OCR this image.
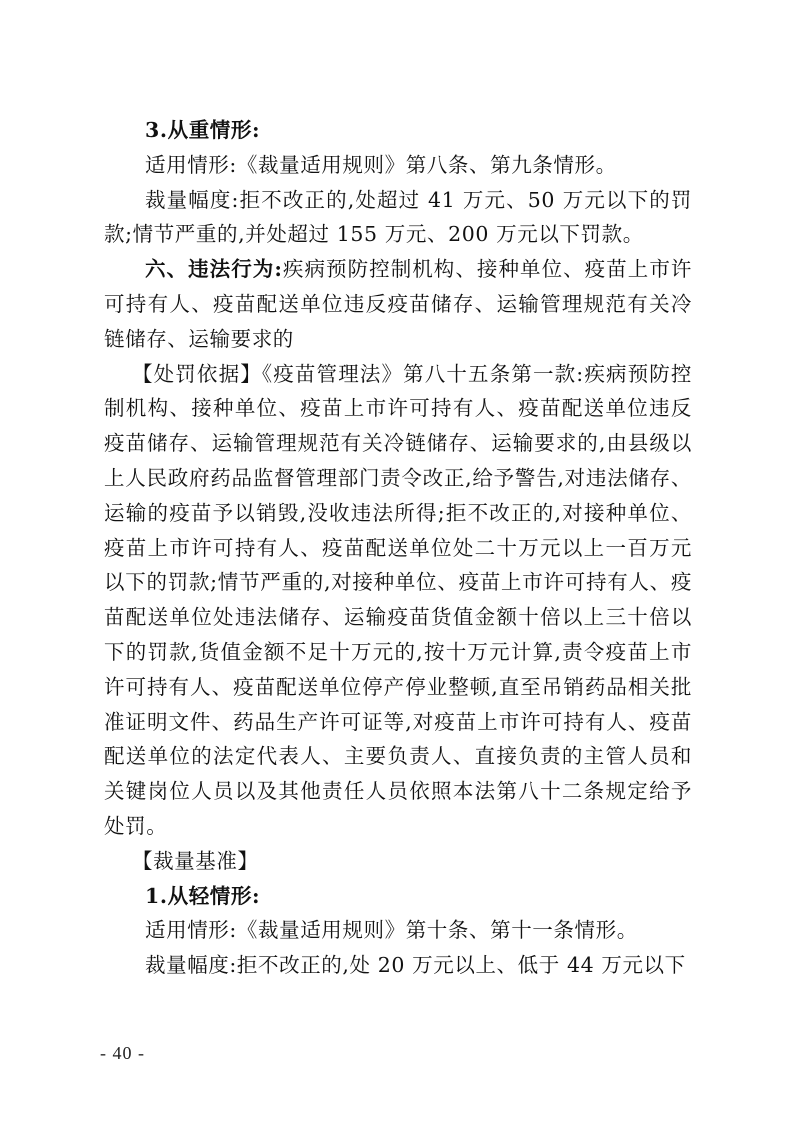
3.从重情形:

适用情形:《裁量适用规则》第八条、第九条情形。

裁量幅度:拒不改正的,处超过 41 万元、50 万元以下的罚款;情节严重的,并处超过 155 万元、200 万元以下罚款。

六、违法行为:疾病预防控制机构、接种单位、疫苗上市许可持有人、疫苗配送单位违反疫苗储存、运输管理规范有关冷链储存、运输要求的

【处罚依据】《疫苗管理法》第八十五条第一款:疾病预防控制机构、接种单位、疫苗上市许可持有人、疫苗配送单位违反疫苗储存、运输管理规范有关冷链储存、运输要求的,由县级以上人民政府药品监督管理部门责令改正,给予警告,对违法储存、运输的疫苗予以销毁,没收违法所得;拒不改正的,对接种单位、疫苗上市许可持有人、疫苗配送单位处二十万元以上一百万元以下的罚款;情节严重的,对接种单位、疫苗上市许可持有人、疫苗配送单位处违法储存、运输疫苗货值金额十倍以上三十倍以下的罚款,货值金额不足十万元的,按十万元计算,责令疫苗上市许可持有人、疫苗配送单位停产停业整顿,直至吊销药品相关批准证明文件、药品生产许可证等,对疫苗上市许可持有人、疫苗配送单位的法定代表人、主要负责人、直接负责的主管人员和关键岗位人员以及其他责任人员依照本法第八十二条规定给予处罚。

【裁量基准】

1.从轻情形:

适用情形:《裁量适用规则》第十条、第十一条情形。

裁量幅度:拒不改正的,处 20 万元以上、低于 44 万元以下

- 40 -
